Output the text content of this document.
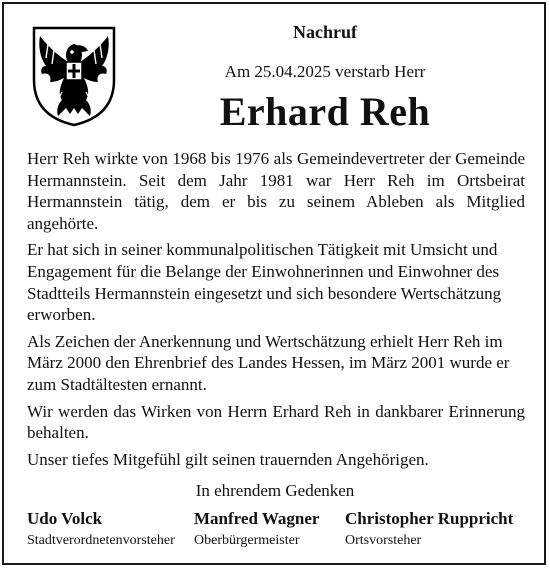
Nachruf
Am 25.04.2025 verstarb Herr
Erhard Reh

Herr Reh wirkte von 1968 bis 1976 als Gemeindevertreter der Gemeinde Hermannstein. Seit dem Jahr 1981 war Herr Reh im Ortsbeirat Hermannstein tätig, dem er bis zu seinem Ableben als Mitglied angehörte.

Er hat sich in seiner kommunalpolitischen Tätigkeit mit Umsicht und Engagement für die Belange der Einwohnerinnen und Einwohner des Stadtteils Hermannstein eingesetzt und sich besondere Wertschätzung erworben.

Als Zeichen der Anerkennung und Wertschätzung erhielt Herr Reh im März 2000 den Ehrenbrief des Landes Hessen, im März 2001 wurde er zum Stadtältesten ernannt.

Wir werden das Wirken von Herrn Erhard Reh in dankbarer Erinnerung behalten.

Unser tiefes Mitgefühl gilt seinen trauernden Angehörigen.

In ehrendem Gedenken
Udo Volck
Stadtverordnetenvorsteher
Manfred Wagner
Oberbürgermeister
Christopher Ruppricht
Ortsvorsteher
